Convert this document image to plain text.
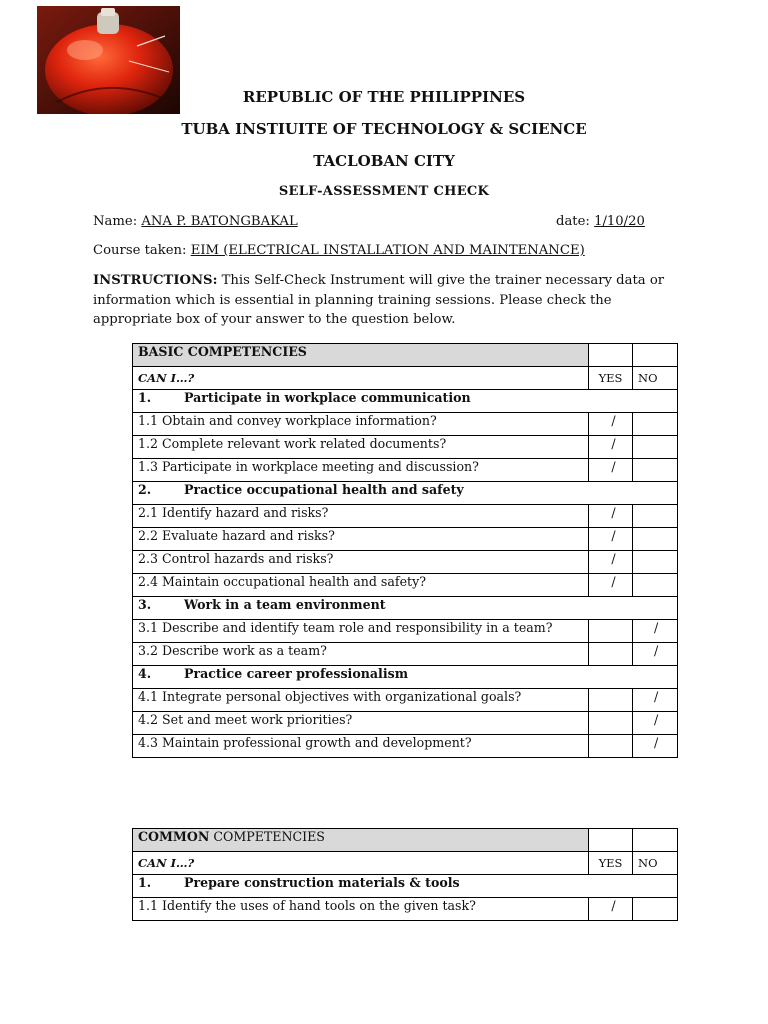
REPUBLIC OF THE PHILIPPINES

TUBA INSTIUITE OF TECHNOLOGY & SCIENCE

TACLOBAN CITY

SELF-ASSESSMENT CHECK

Name: ANA P. BATONGBAKAL	date: 1/10/20
Course taken: EIM (ELECTRICAL INSTALLATION AND MAINTENANCE)
INSTRUCTIONS: This Self-Check Instrument will give the trainer necessary data or information which is essential in planning training sessions. Please check the appropriate box of your answer to the question below.
BASIC COMPETENCIES		
CAN I…?	YES	NO
1. Participate in workplace communication		
1.1 Obtain and convey workplace information?	/	
1.2 Complete relevant work related documents?	/	
1.3 Participate in workplace meeting and discussion?	/	
2. Practice occupational health and safety		
2.1 Identify hazard and risks?	/	
2.2 Evaluate hazard and risks?	/	
2.3 Control hazards and risks?	/	
2.4 Maintain occupational health and safety?	/	
3. Work in a team environment		
3.1 Describe and identify team role and responsibility in a team?		/
3.2 Describe work as a team?		/
4. Practice career professionalism		
4.1 Integrate personal objectives with organizational goals?		/
4.2 Set and meet work priorities?		/
4.3 Maintain professional growth and development?		/
COMMON COMPETENCIES		
CAN I…?	YES	NO
1. Prepare construction materials & tools		
1.1 Identify the uses of hand tools on the given task?	/	
